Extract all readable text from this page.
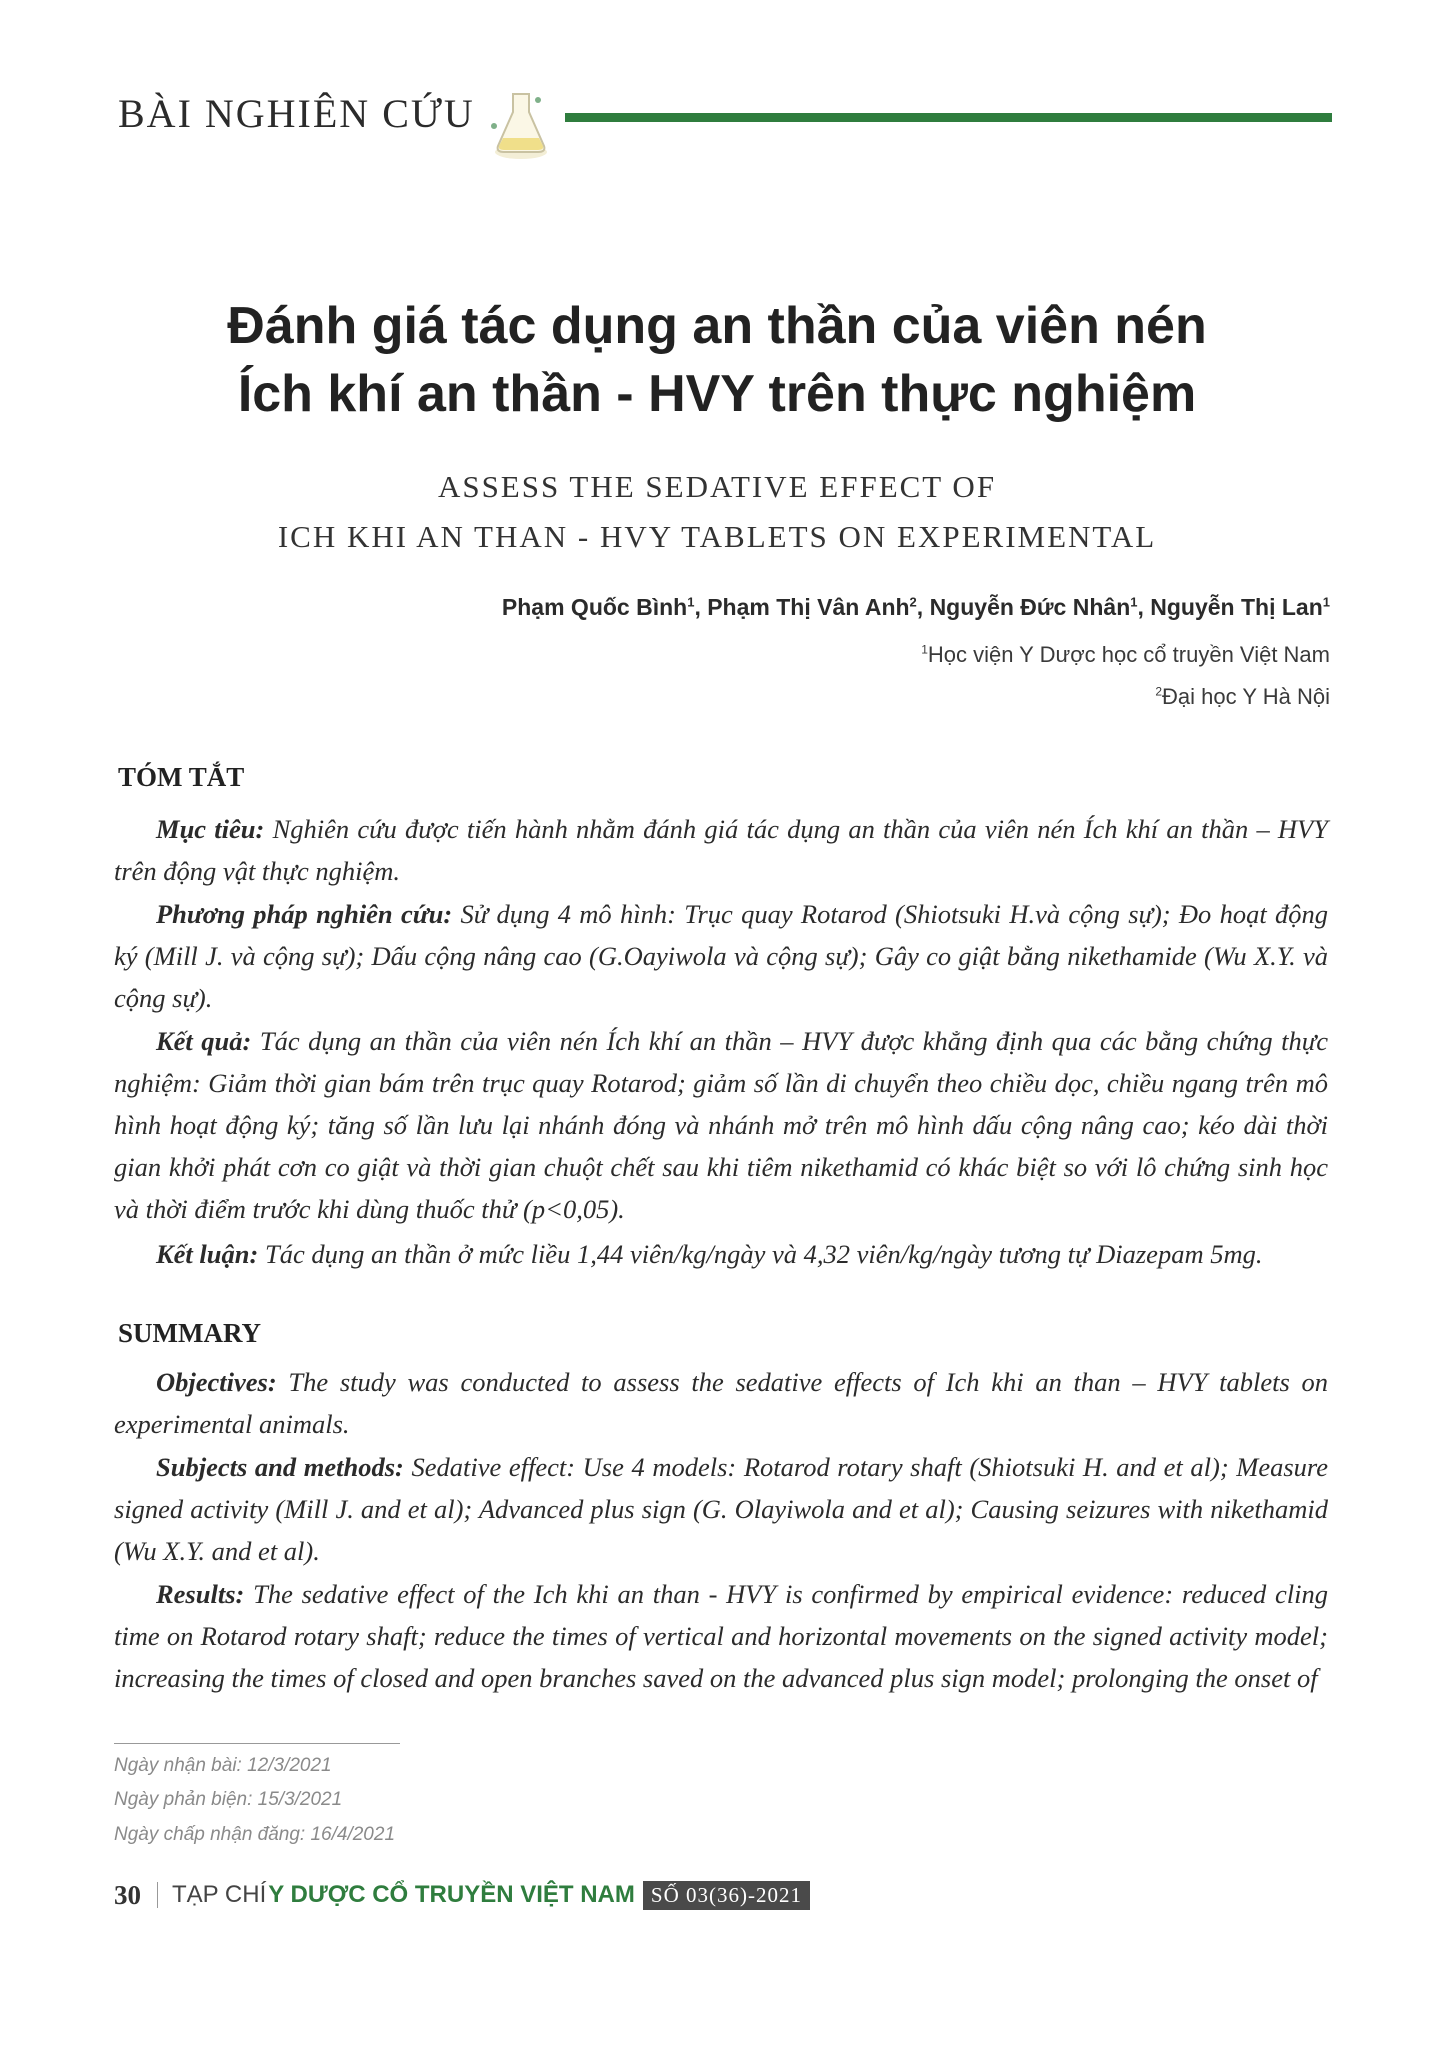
BÀI NGHIÊN CỨU
Đánh giá tác dụng an thần của viên nén
Ích khí an thần - HVY trên thực nghiệm
ASSESS THE SEDATIVE EFFECT OF
ICH KHI AN THAN - HVY TABLETS ON EXPERIMENTAL
Phạm Quốc Bình$^1$, Phạm Thị Vân Anh$^2$, Nguyễn Đức Nhân$^1$, Nguyễn Thị Lan$^1$
$^1$Học viện Y Dược học cổ truyền Việt Nam
$^2$Đại học Y Hà Nội
TÓM TẮT
Mục tiêu: Nghiên cứu được tiến hành nhằm đánh giá tác dụng an thần của viên nén Ích khí an thần – HVY trên động vật thực nghiệm.
Phương pháp nghiên cứu: Sử dụng 4 mô hình: Trục quay Rotarod (Shiotsuki H.và cộng sự); Đo hoạt động ký (Mill J. và cộng sự); Dấu cộng nâng cao (G.Oayiwola và cộng sự); Gây co giật bằng nikethamide (Wu X.Y. và cộng sự).
Kết quả: Tác dụng an thần của viên nén Ích khí an thần – HVY được khẳng định qua các bằng chứng thực nghiệm: Giảm thời gian bám trên trục quay Rotarod; giảm số lần di chuyển theo chiều dọc, chiều ngang trên mô hình hoạt động ký; tăng số lần lưu lại nhánh đóng và nhánh mở trên mô hình dấu cộng nâng cao; kéo dài thời gian khởi phát cơn co giật và thời gian chuột chết sau khi tiêm nikethamid có khác biệt so với lô chứng sinh học và thời điểm trước khi dùng thuốc thử (p<0,05).
Kết luận: Tác dụng an thần ở mức liều 1,44 viên/kg/ngày và 4,32 viên/kg/ngày tương tự Diazepam 5mg.
SUMMARY
Objectives: The study was conducted to assess the sedative effects of Ich khi an than – HVY tablets on experimental animals.
Subjects and methods: Sedative effect: Use 4 models: Rotarod rotary shaft (Shiotsuki H. and et al); Measure signed activity (Mill J. and et al); Advanced plus sign (G. Olayiwola and et al); Causing seizures with nikethamid (Wu X.Y. and et al).
Results: The sedative effect of the Ich khi an than - HVY is confirmed by empirical evidence: reduced cling time on Rotarod rotary shaft; reduce the times of vertical and horizontal movements on the signed activity model; increasing the times of closed and open branches saved on the advanced plus sign model; prolonging the onset of
Ngày nhận bài: 12/3/2021
Ngày phản biện: 15/3/2021
Ngày chấp nhận đăng: 16/4/2021
30 TẠP CHÍ Y DƯỢC CỔ TRUYỀN VIỆT NAM SỐ 03(36)-2021
